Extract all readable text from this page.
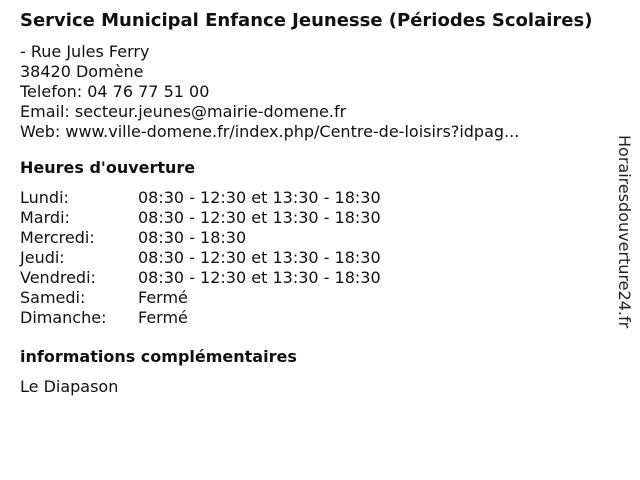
Service Municipal Enfance Jeunesse (Périodes Scolaires)
- Rue Jules Ferry
38420 Domène
Telefon: 04 76 77 51 00
Email: secteur.jeunes@mairie-domene.fr
Web: www.ville-domene.fr/index.php/Centre-de-loisirs?idpag...
Heures d'ouverture
Lundi:	08:30 - 12:30 et 13:30 - 18:30
Mardi:	08:30 - 12:30 et 13:30 - 18:30
Mercredi:	08:30 - 18:30
Jeudi:	08:30 - 12:30 et 13:30 - 18:30
Vendredi:	08:30 - 12:30 et 13:30 - 18:30
Samedi:	Fermé
Dimanche:	Fermé
informations complémentaires
Le Diapason
Horairesdouverture24.fr
